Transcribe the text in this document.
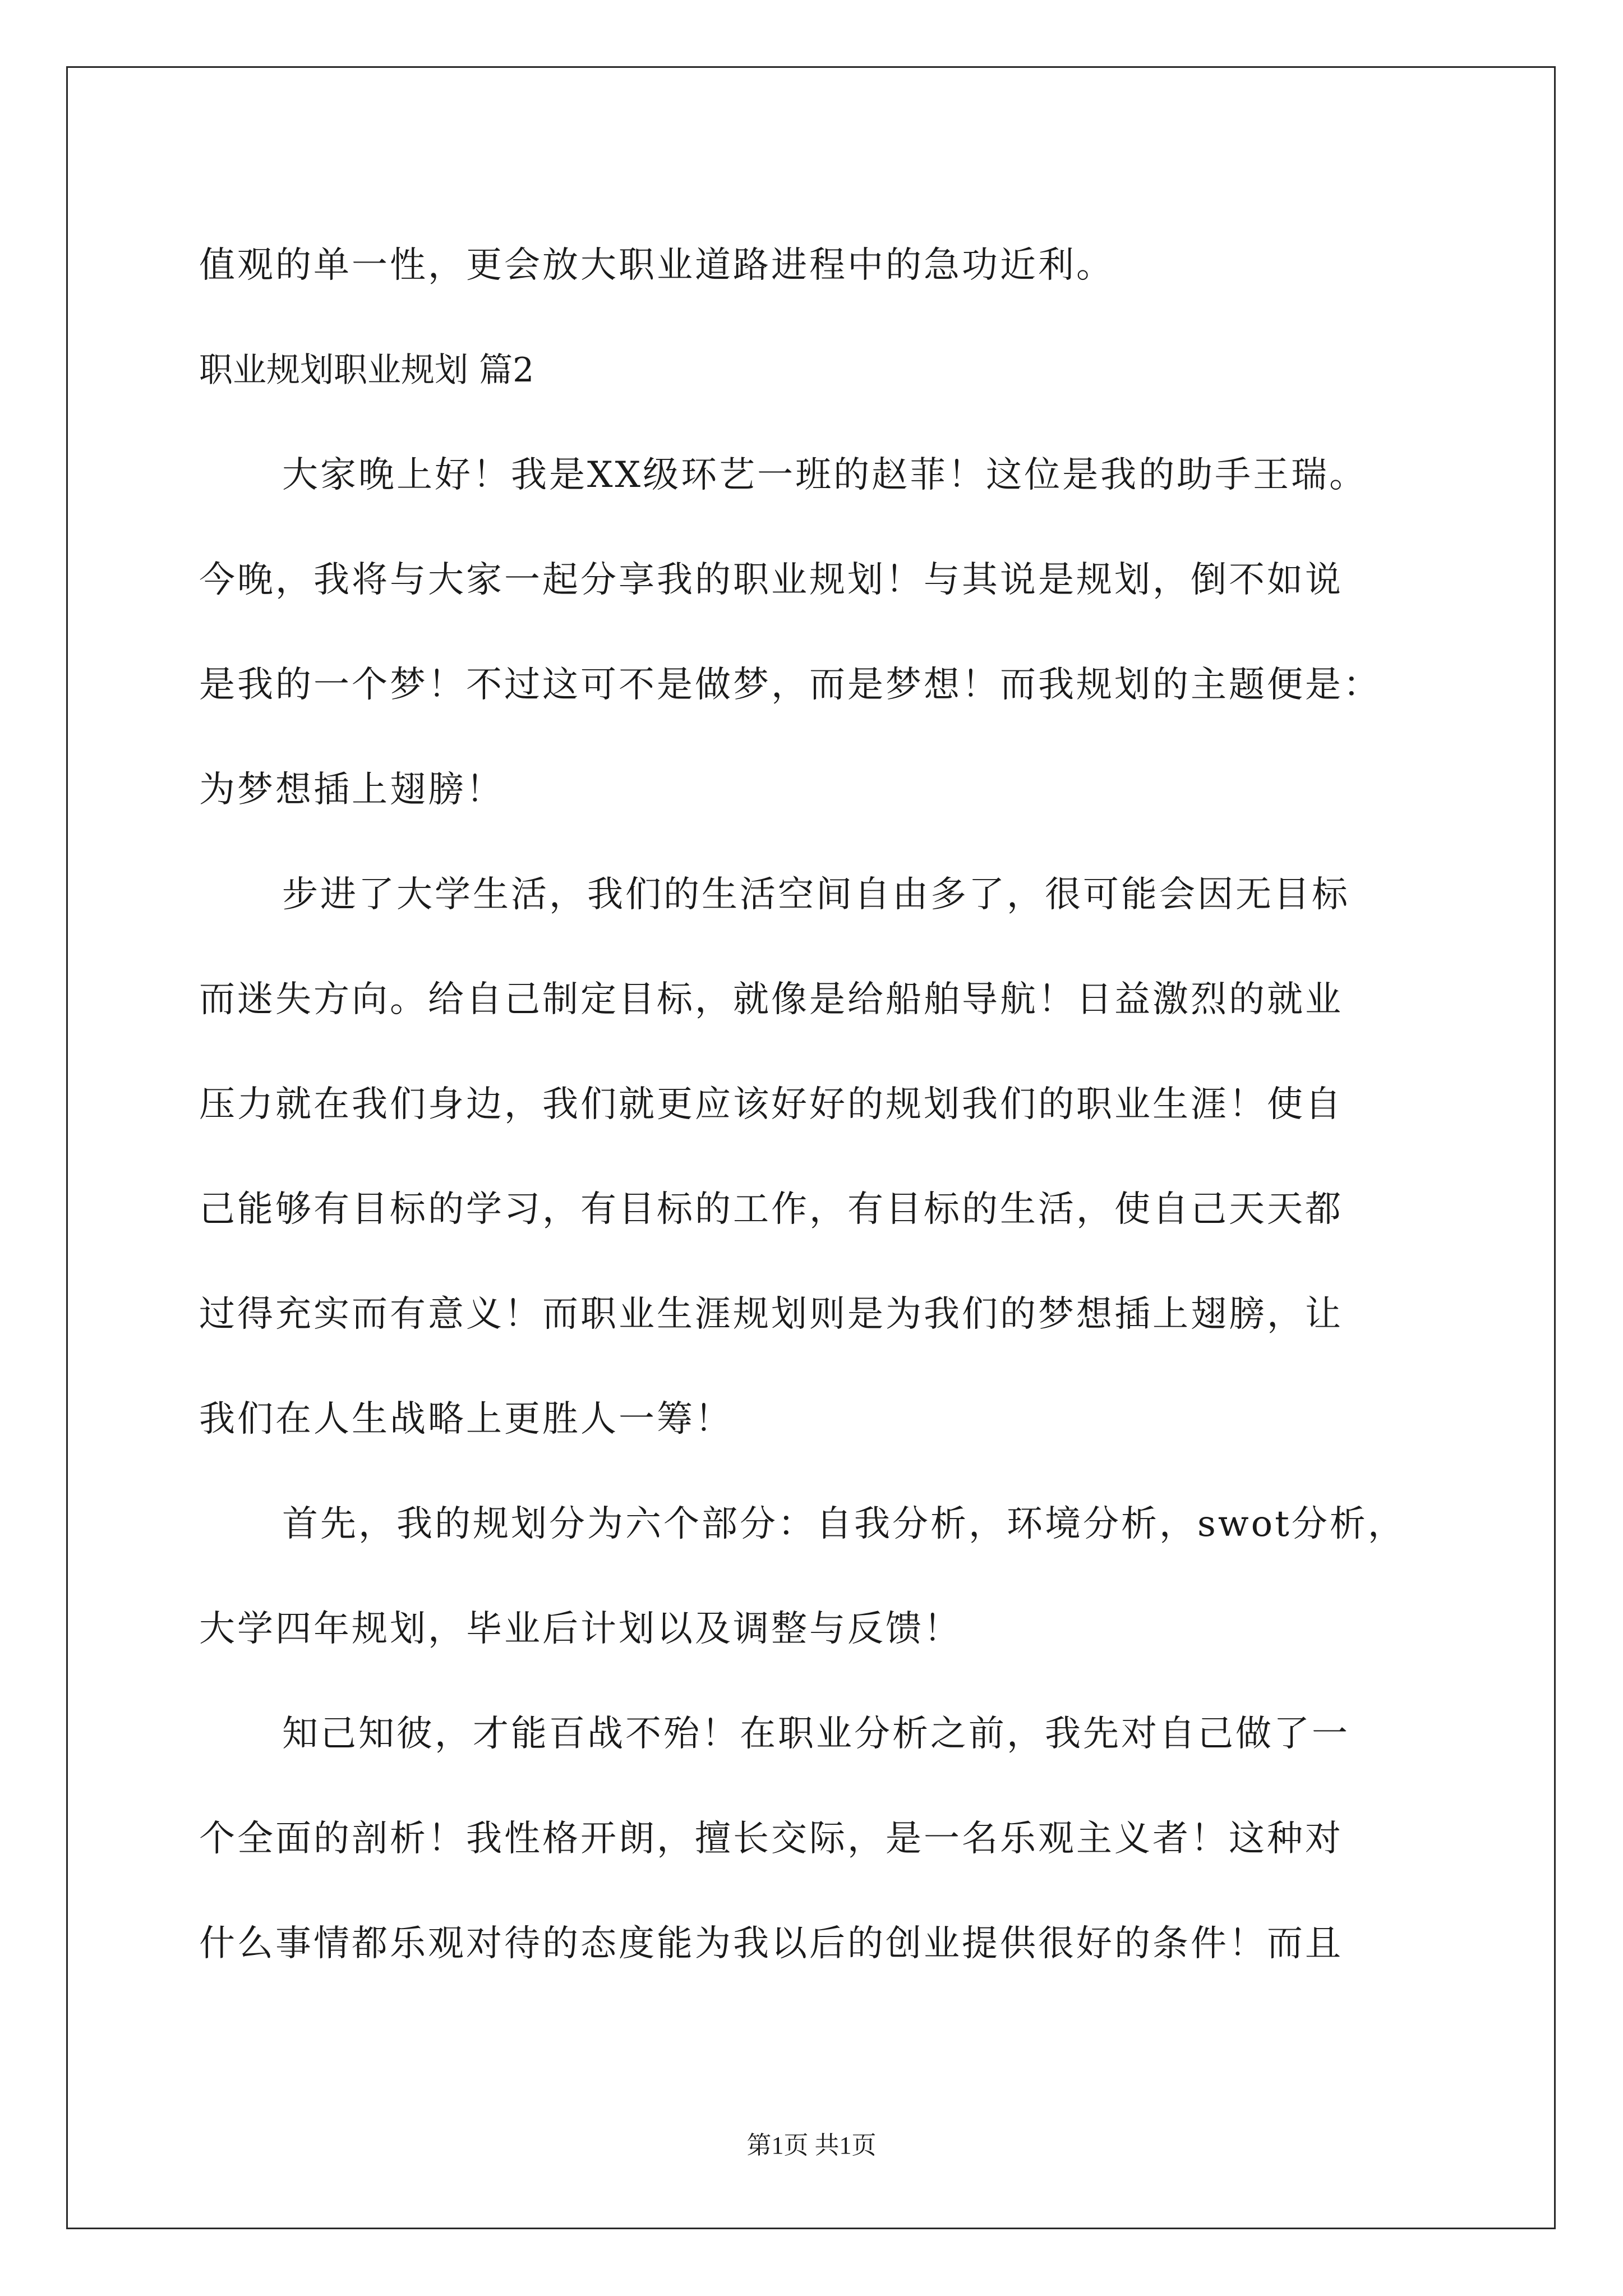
值观的单一性，更会放大职业道路进程中的急功近利。
职业规划职业规划 篇2
大家晚上好！我是XX级环艺一班的赵菲！这位是我的助手王瑞。
今晚，我将与大家一起分享我的职业规划！与其说是规划，倒不如说
是我的一个梦！不过这可不是做梦，而是梦想！而我规划的主题便是：
为梦想插上翅膀！
步进了大学生活，我们的生活空间自由多了，很可能会因无目标
而迷失方向。给自己制定目标，就像是给船舶导航！日益激烈的就业
压力就在我们身边，我们就更应该好好的规划我们的职业生涯！使自
己能够有目标的学习，有目标的工作，有目标的生活，使自己天天都
过得充实而有意义！而职业生涯规划则是为我们的梦想插上翅膀，让
我们在人生战略上更胜人一筹！
首先，我的规划分为六个部分：自我分析，环境分析，swot分析，
大学四年规划，毕业后计划以及调整与反馈！
知己知彼，才能百战不殆！在职业分析之前，我先对自己做了一
个全面的剖析！我性格开朗，擅长交际，是一名乐观主义者！这种对
什么事情都乐观对待的态度能为我以后的创业提供很好的条件！而且
第1页 共1页
